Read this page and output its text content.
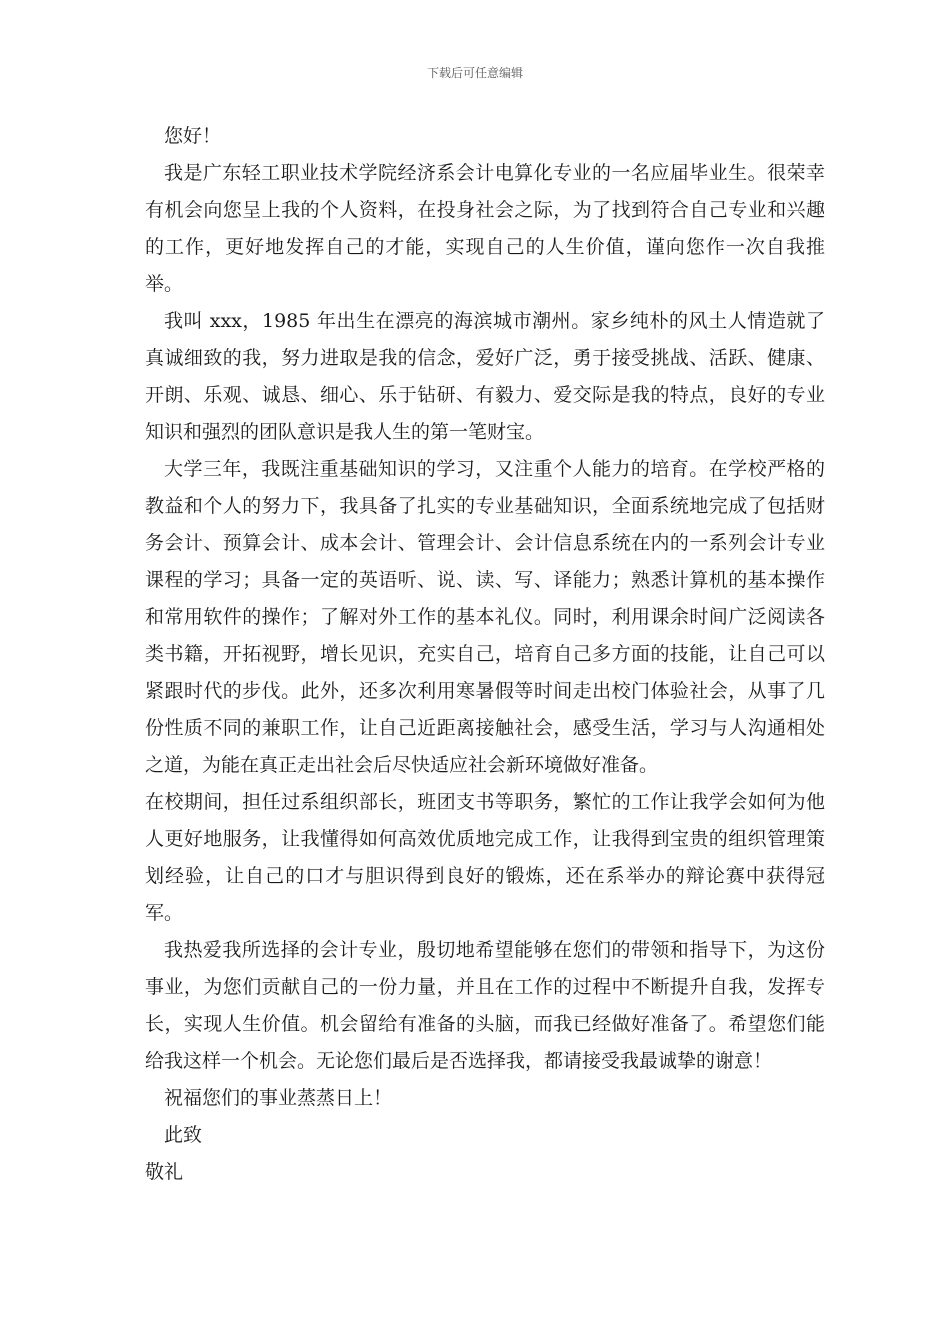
下载后可任意编辑

您好！

我是广东轻工职业技术学院经济系会计电算化专业的一名应届毕业生。很荣幸有机会向您呈上我的个人资料，在投身社会之际，为了找到符合自己专业和兴趣的工作，更好地发挥自己的才能，实现自己的人生价值，谨向您作一次自我推举。

我叫 xxx，1985 年出生在漂亮的海滨城市潮州。家乡纯朴的风土人情造就了真诚细致的我，努力进取是我的信念，爱好广泛，勇于接受挑战、活跃、健康、开朗、乐观、诚恳、细心、乐于钻研、有毅力、爱交际是我的特点，良好的专业知识和强烈的团队意识是我人生的第一笔财宝。

大学三年，我既注重基础知识的学习，又注重个人能力的培育。在学校严格的教益和个人的努力下，我具备了扎实的专业基础知识，全面系统地完成了包括财务会计、预算会计、成本会计、管理会计、会计信息系统在内的一系列会计专业课程的学习；具备一定的英语听、说、读、写、译能力；熟悉计算机的基本操作和常用软件的操作；了解对外工作的基本礼仪。同时，利用课余时间广泛阅读各类书籍，开拓视野，增长见识，充实自己，培育自己多方面的技能，让自己可以紧跟时代的步伐。此外，还多次利用寒暑假等时间走出校门体验社会，从事了几份性质不同的兼职工作，让自己近距离接触社会，感受生活，学习与人沟通相处之道，为能在真正走出社会后尽快适应社会新环境做好准备。

在校期间，担任过系组织部长，班团支书等职务，繁忙的工作让我学会如何为他人更好地服务，让我懂得如何高效优质地完成工作，让我得到宝贵的组织管理策划经验，让自己的口才与胆识得到良好的锻炼，还在系举办的辩论赛中获得冠军。

我热爱我所选择的会计专业，殷切地希望能够在您们的带领和指导下，为这份事业，为您们贡献自己的一份力量，并且在工作的过程中不断提升自我，发挥专长，实现人生价值。机会留给有准备的头脑，而我已经做好准备了。希望您们能给我这样一个机会。无论您们最后是否选择我，都请接受我最诚挚的谢意！

祝福您们的事业蒸蒸日上！

此致

敬礼
